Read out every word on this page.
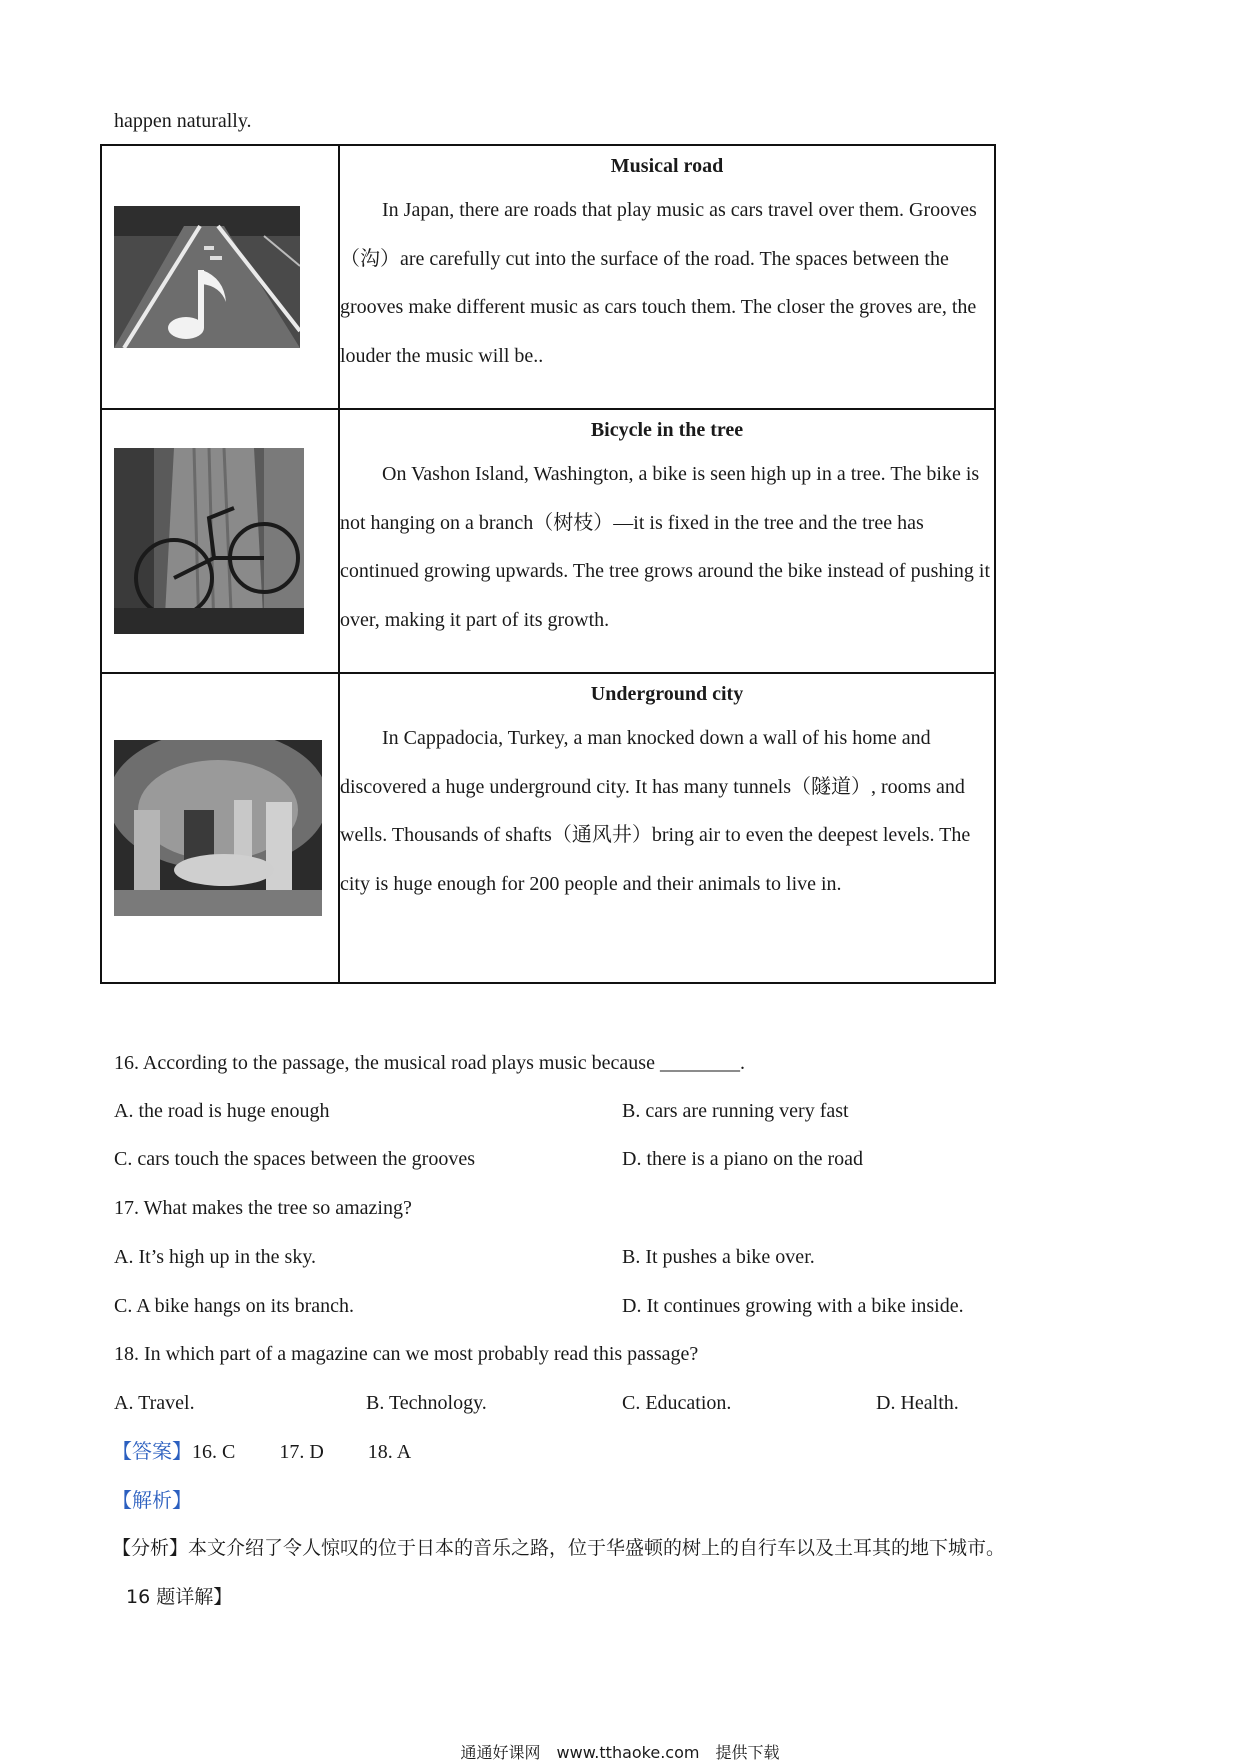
happen naturally.

Musical road

In Japan, there are roads that play music as cars travel over them. Grooves（沟）are carefully cut into the surface of the road. The spaces between the grooves make different music as cars touch them. The closer the groves are, the louder the music will be..

Bicycle in the tree

On Vashon Island, Washington, a bike is seen high up in a tree. The bike is not hanging on a branch（树枝）—it is fixed in the tree and the tree has continued growing upwards. The tree grows around the bike instead of pushing it over, making it part of its growth.

Underground city

In Cappadocia, Turkey, a man knocked down a wall of his home and discovered a huge underground city. It has many tunnels（隧道）, rooms and wells. Thousands of shafts（通风井）bring air to even the deepest levels. The city is huge enough for 200 people and their animals to live in.

16. According to the passage, the musical road plays music because ________.
A. the road is huge enough	B. cars are running very fast
C. cars touch the spaces between the grooves	D. there is a piano on the road
17. What makes the tree so amazing?
A. It’s high up in the sky.	B. It pushes a bike over.
C. A bike hangs on its branch.	D. It continues growing with a bike inside.
18. In which part of a magazine can we most probably read this passage?
A. Travel.	B. Technology.	C. Education.	D. Health.
【答案】16. C 17. D 18. A
【解析】
【分析】本文介绍了令人惊叹的位于日本的音乐之路，位于华盛顿的树上的自行车以及土耳其的地下城市。
16 题详解】
通通好课网　www.tthaoke.com　提供下载
